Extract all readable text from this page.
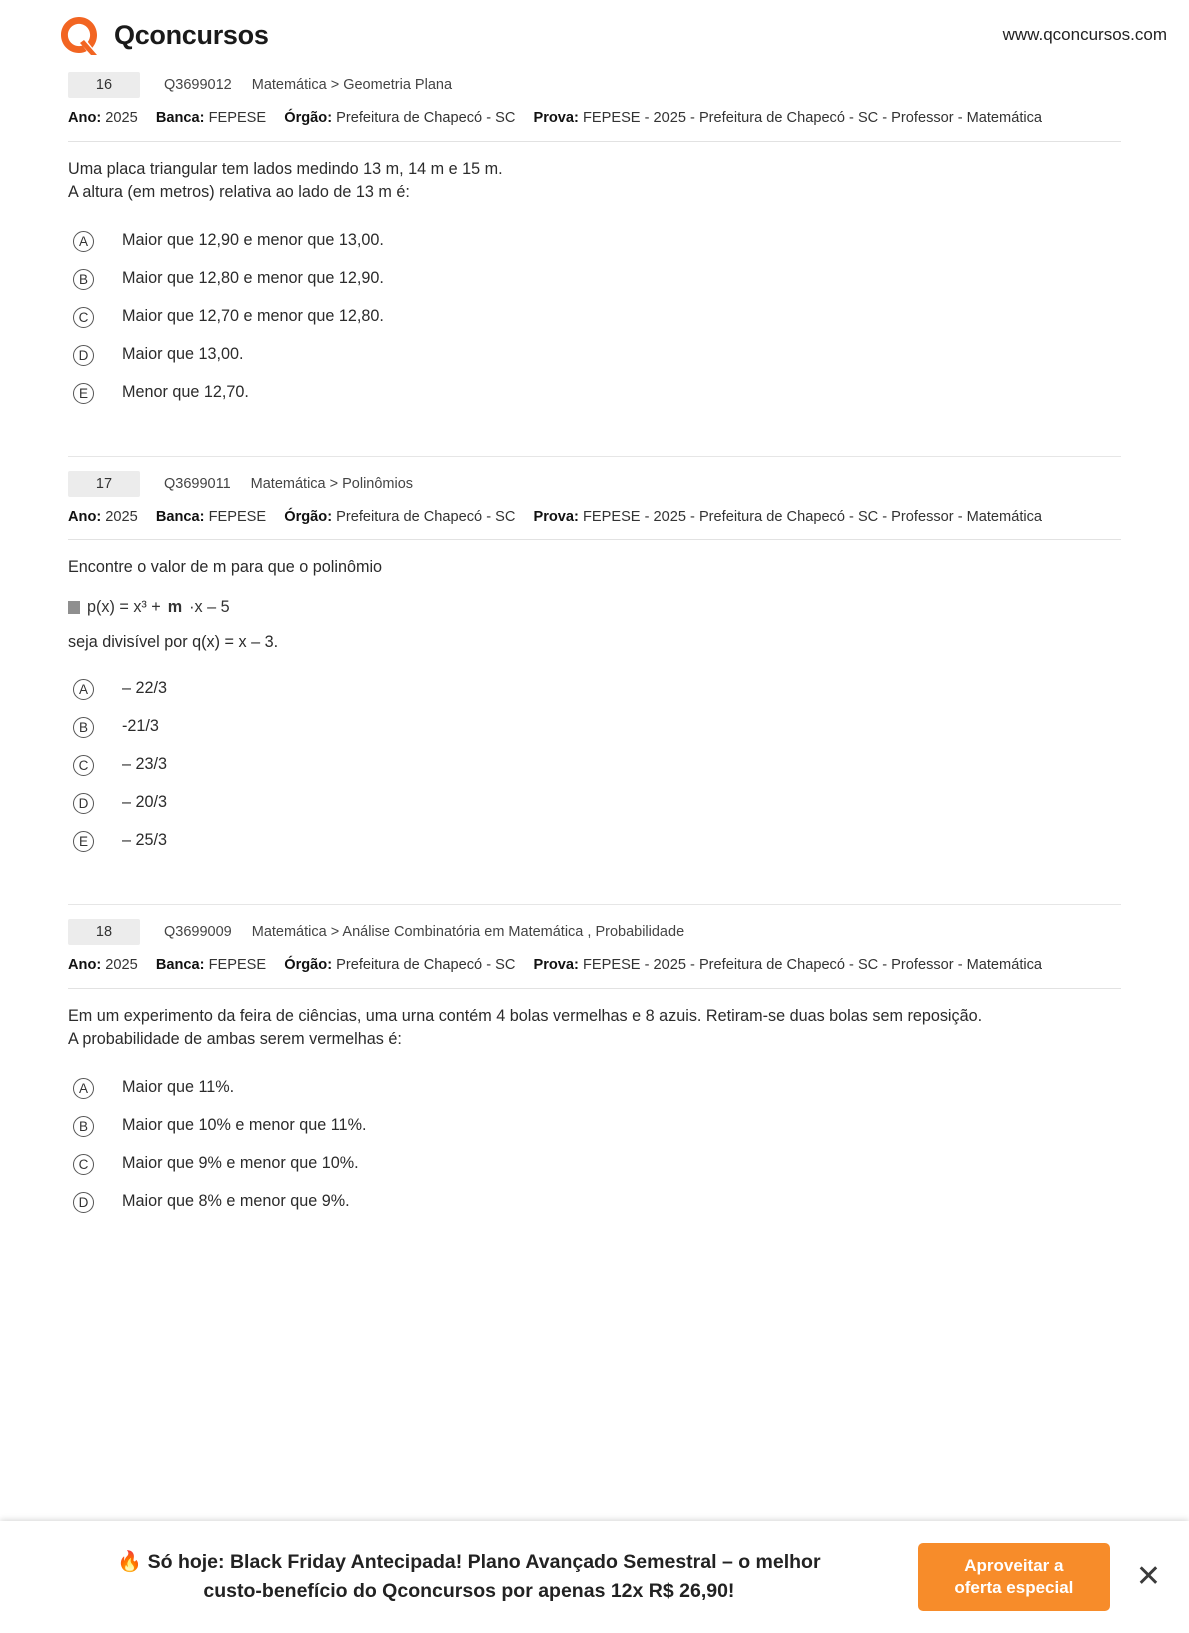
Qconcursos	www.qconcursos.com
16	Q3699012 Matemática > Geometria Plana
Ano: 2025 Banca: FEPESE Órgão: Prefeitura de Chapecó - SC Prova: FEPESE - 2025 - Prefeitura de Chapecó - SC - Professor - Matemática
Uma placa triangular tem lados medindo 13 m, 14 m e 15 m.
A altura (em metros) relativa ao lado de 13 m é:
A	Maior que 12,90 e menor que 13,00.
B	Maior que 12,80 e menor que 12,90.
C	Maior que 12,70 e menor que 12,80.
D	Maior que 13,00.
E	Menor que 12,70.
17	Q3699011 Matemática > Polinômios
Ano: 2025 Banca: FEPESE Órgão: Prefeitura de Chapecó - SC Prova: FEPESE - 2025 - Prefeitura de Chapecó - SC - Professor - Matemática
Encontre o valor de m para que o polinômio
p(x) = x³ + m ·x – 5
seja divisível por q(x) = x – 3.
A	– 22/3
B	-21/3
C	– 23/3
D	– 20/3
E	– 25/3
18	Q3699009 Matemática > Análise Combinatória em Matemática , Probabilidade
Ano: 2025 Banca: FEPESE Órgão: Prefeitura de Chapecó - SC Prova: FEPESE - 2025 - Prefeitura de Chapecó - SC - Professor - Matemática
Em um experimento da feira de ciências, uma urna contém 4 bolas vermelhas e 8 azuis. Retiram-se duas bolas sem reposição.
A probabilidade de ambas serem vermelhas é:
A	Maior que 11%.
B	Maior que 10% e menor que 11%.
C	Maior que 9% e menor que 10%.
D	Maior que 8% e menor que 9%.
🔥 Só hoje: Black Friday Antecipada! Plano Avançado Semestral – o melhor
custo-benefício do Qconcursos por apenas 12x R$ 26,90!
Aproveitar a
oferta especial	✕
